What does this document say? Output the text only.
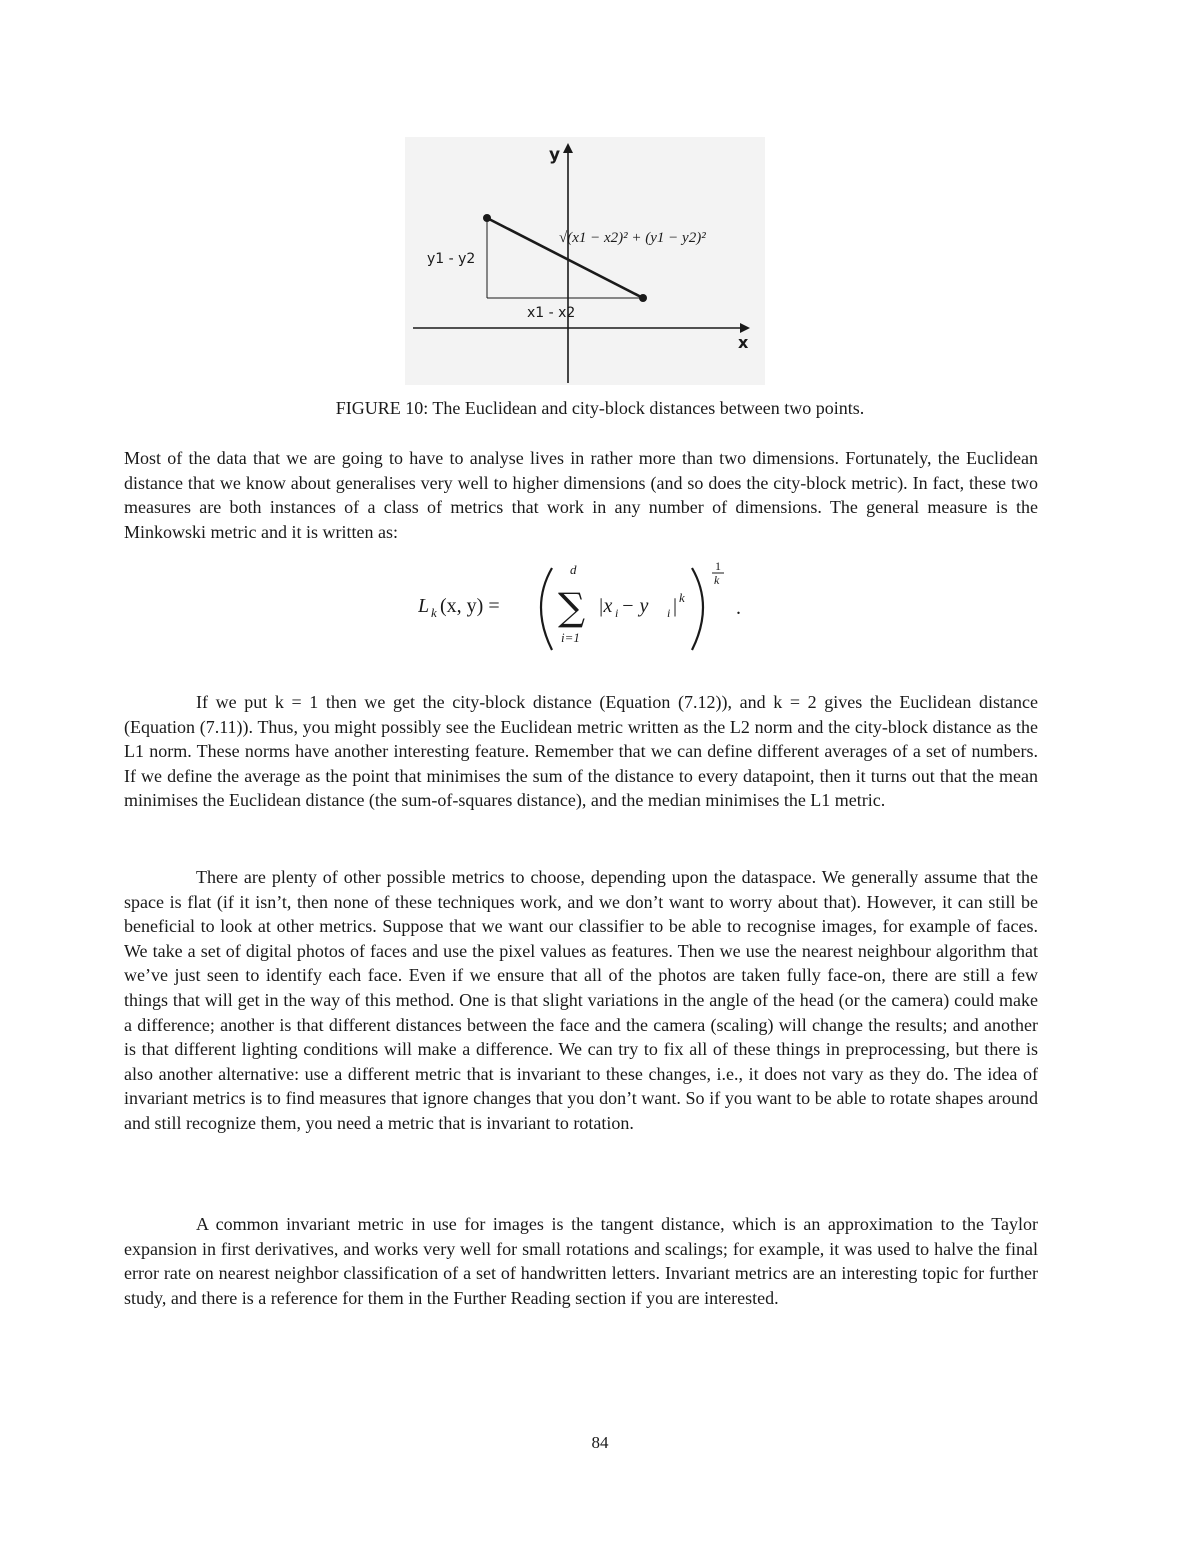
y
x
√(x1 − x2)² + (y1 − y2)²
y1 - y2
x1 - x2
FIGURE 10: The Euclidean and city-block distances between two points.

Most of the data that we are going to have to analyse lives in rather more than two dimensions. Fortunately, the Euclidean distance that we know about generalises very well to higher dimensions (and so does the city-block metric). In fact, these two measures are both instances of a class of metrics that work in any number of dimensions. The general measure is the Minkowski metric and it is written as:

L k (x, y) =
d
∑
i=1
|x i − y i | k
1
k
.

If we put k = 1 then we get the city-block distance (Equation (7.12)), and k = 2 gives the Euclidean distance (Equation (7.11)). Thus, you might possibly see the Euclidean metric written as the L2 norm and the city-block distance as the L1 norm. These norms have another interesting feature. Remember that we can define different averages of a set of numbers. If we define the average as the point that minimises the sum of the distance to every datapoint, then it turns out that the mean minimises the Euclidean distance (the sum-of-squares distance), and the median minimises the L1 metric.

There are plenty of other possible metrics to choose, depending upon the dataspace. We generally assume that the space is flat (if it isn’t, then none of these techniques work, and we don’t want to worry about that). However, it can still be beneficial to look at other metrics. Suppose that we want our classifier to be able to recognise images, for example of faces. We take a set of digital photos of faces and use the pixel values as features. Then we use the nearest neighbour algorithm that we’ve just seen to identify each face. Even if we ensure that all of the photos are taken fully face-on, there are still a few things that will get in the way of this method. One is that slight variations in the angle of the head (or the camera) could make a difference; another is that different distances between the face and the camera (scaling) will change the results; and another is that different lighting conditions will make a difference. We can try to fix all of these things in preprocessing, but there is also another alternative: use a different metric that is invariant to these changes, i.e., it does not vary as they do. The idea of invariant metrics is to find measures that ignore changes that you don’t want. So if you want to be able to rotate shapes around and still recognize them, you need a metric that is invariant to rotation.

A common invariant metric in use for images is the tangent distance, which is an approximation to the Taylor expansion in first derivatives, and works very well for small rotations and scalings; for example, it was used to halve the final error rate on nearest neighbor classification of a set of handwritten letters. Invariant metrics are an interesting topic for further study, and there is a reference for them in the Further Reading section if you are interested.

84
